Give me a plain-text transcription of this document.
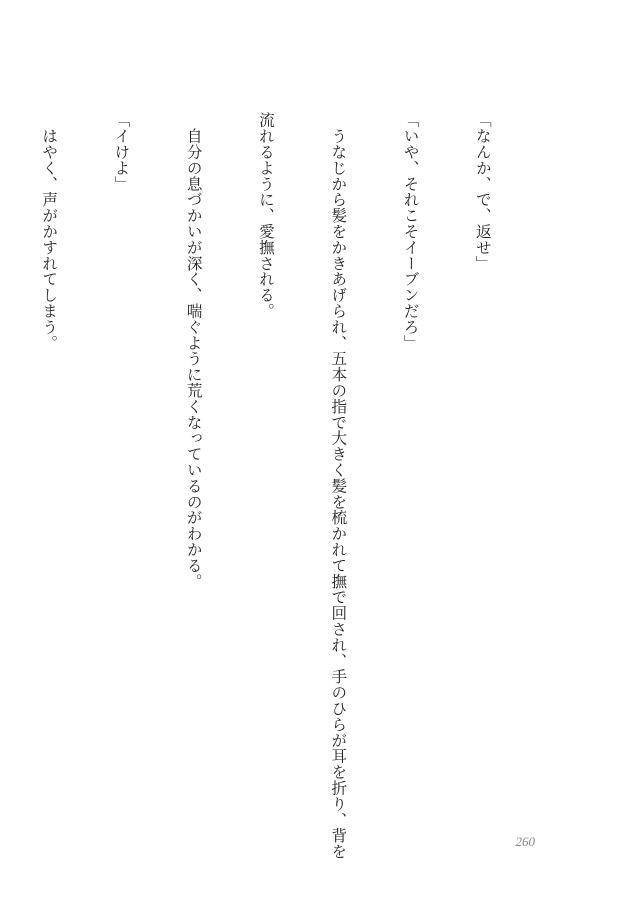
「なんか、で、返せ」

「いや、それこそイーブンだろ」

　うなじから髪をかきあげられ、五本の指で大きく髪を梳かれて撫で回され、手のひらが耳を折り、背を

流れるように、愛撫される。

　自分の息づかいが深く、喘ぐように荒くなっているのがわかる。

「イけよ」

　はやく、声がかすれてしまう。

260
